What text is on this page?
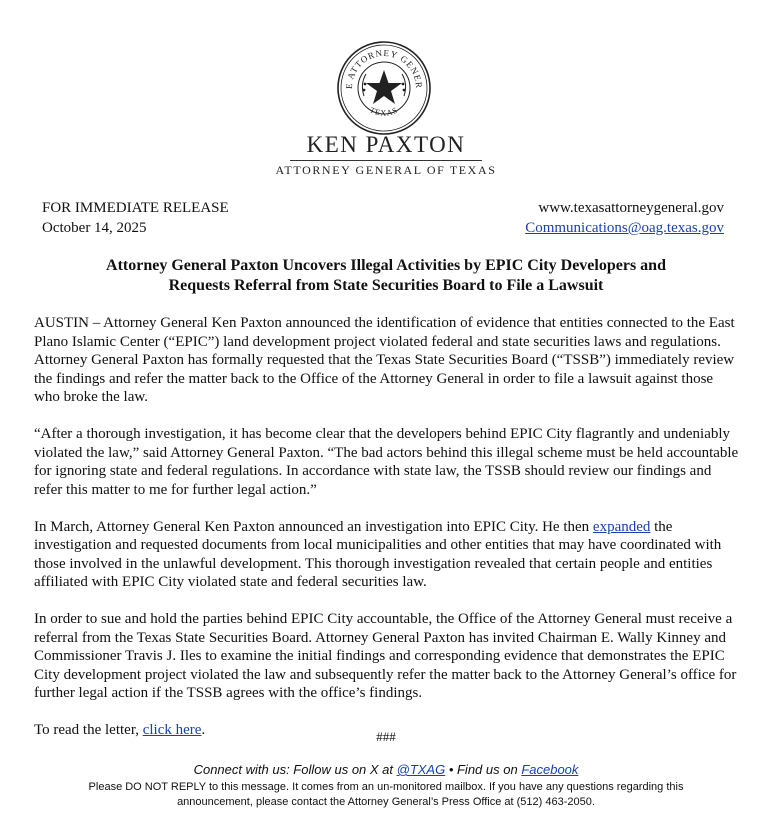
E ATTORNEY GENER
TEXAS
KEN PAXTON
ATTORNEY GENERAL OF TEXAS
FOR IMMEDIATE RELEASE
October 14, 2025
www.texasattorneygeneral.gov
Communications@oag.texas.gov
Attorney General Paxton Uncovers Illegal Activities by EPIC City Developers and
Requests Referral from State Securities Board to File a Lawsuit

AUSTIN – Attorney General Ken Paxton announced the identification of evidence that entities connected to the East Plano Islamic Center (“EPIC”) land development project violated federal and state securities laws and regulations. Attorney General Paxton has formally requested that the Texas State Securities Board (“TSSB”) immediately review the findings and refer the matter back to the Office of the Attorney General in order to file a lawsuit against those who broke the law.

“After a thorough investigation, it has become clear that the developers behind EPIC City flagrantly and undeniably violated the law,” said Attorney General Paxton. “The bad actors behind this illegal scheme must be held accountable for ignoring state and federal regulations. In accordance with state law, the TSSB should review our findings and refer this matter to me for further legal action.”

In March, Attorney General Ken Paxton announced an investigation into EPIC City. He then expanded the investigation and requested documents from local municipalities and other entities that may have coordinated with those involved in the unlawful development. This thorough investigation revealed that certain people and entities affiliated with EPIC City violated state and federal securities law.

In order to sue and hold the parties behind EPIC City accountable, the Office of the Attorney General must receive a referral from the Texas State Securities Board. Attorney General Paxton has invited Chairman E. Wally Kinney and Commissioner Travis J. Iles to examine the initial findings and corresponding evidence that demonstrates the EPIC City development project violated the law and subsequently refer the matter back to the Attorney General’s office for further legal action if the TSSB agrees with the office’s findings.

To read the letter, click here.	###
Connect with us: Follow us on X at @TXAG • Find us on Facebook
Please DO NOT REPLY to this message. It comes from an un-monitored mailbox. If you have any questions regarding this announcement, please contact the Attorney General’s Press Office at (512) 463-2050.
